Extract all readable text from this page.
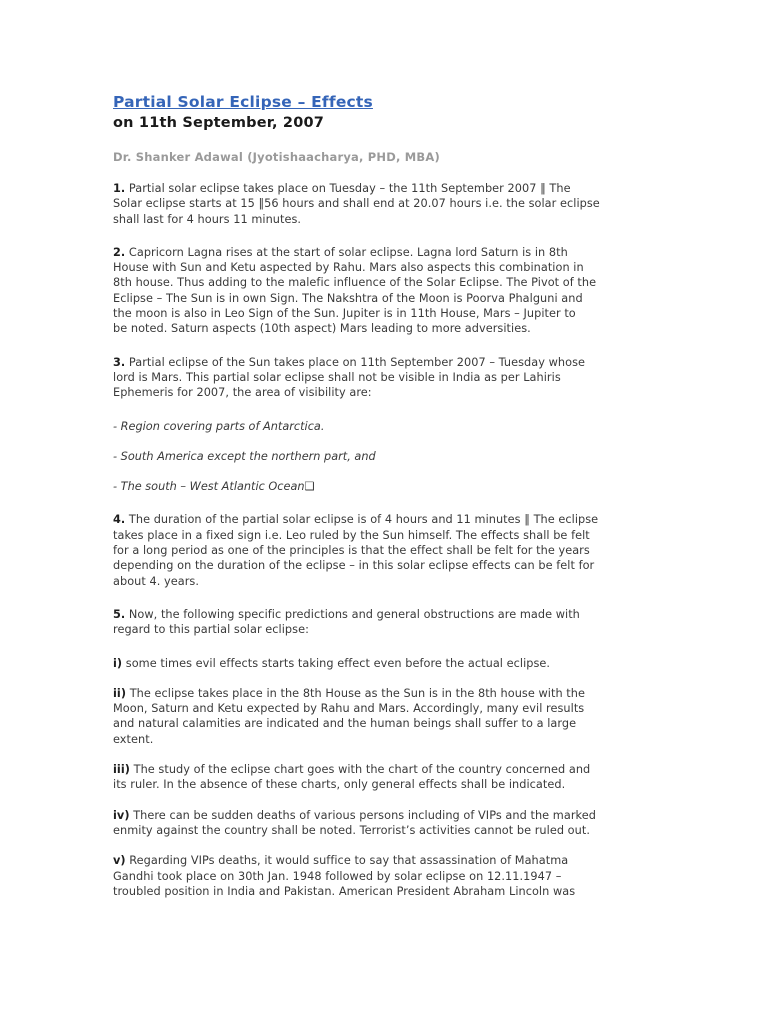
Partial Solar Eclipse – Effects
on 11th September, 2007
Dr. Shanker Adawal (Jyotishaacharya, PHD, MBA)

1. Partial solar eclipse takes place on Tuesday – the 11th September 2007 ‖ The
Solar eclipse starts at 15 ‖56 hours and shall end at 20.07 hours i.e. the solar eclipse
shall last for 4 hours 11 minutes.

2. Capricorn Lagna rises at the start of solar eclipse. Lagna lord Saturn is in 8th
House with Sun and Ketu aspected by Rahu. Mars also aspects this combination in
8th house. Thus adding to the malefic influence of the Solar Eclipse. The Pivot of the
Eclipse – The Sun is in own Sign. The Nakshtra of the Moon is Poorva Phalguni and
the moon is also in Leo Sign of the Sun. Jupiter is in 11th House, Mars – Jupiter to
be noted. Saturn aspects (10th aspect) Mars leading to more adversities.

3. Partial eclipse of the Sun takes place on 11th September 2007 – Tuesday whose
lord is Mars. This partial solar eclipse shall not be visible in India as per Lahiris
Ephemeris for 2007, the area of visibility are:

- Region covering parts of Antarctica.

- South America except the northern part, and

- The south – West Atlantic Ocean❑

4. The duration of the partial solar eclipse is of 4 hours and 11 minutes ‖ The eclipse
takes place in a fixed sign i.e. Leo ruled by the Sun himself. The effects shall be felt
for a long period as one of the principles is that the effect shall be felt for the years
depending on the duration of the eclipse – in this solar eclipse effects can be felt for
about 4. years.

5. Now, the following specific predictions and general obstructions are made with
regard to this partial solar eclipse:

i) some times evil effects starts taking effect even before the actual eclipse.

ii) The eclipse takes place in the 8th House as the Sun is in the 8th house with the
Moon, Saturn and Ketu expected by Rahu and Mars. Accordingly, many evil results
and natural calamities are indicated and the human beings shall suffer to a large
extent.

iii) The study of the eclipse chart goes with the chart of the country concerned and
its ruler. In the absence of these charts, only general effects shall be indicated.

iv) There can be sudden deaths of various persons including of VIPs and the marked
enmity against the country shall be noted. Terrorist’s activities cannot be ruled out.

v) Regarding VIPs deaths, it would suffice to say that assassination of Mahatma
Gandhi took place on 30th Jan. 1948 followed by solar eclipse on 12.11.1947 –
troubled position in India and Pakistan. American President Abraham Lincoln was
